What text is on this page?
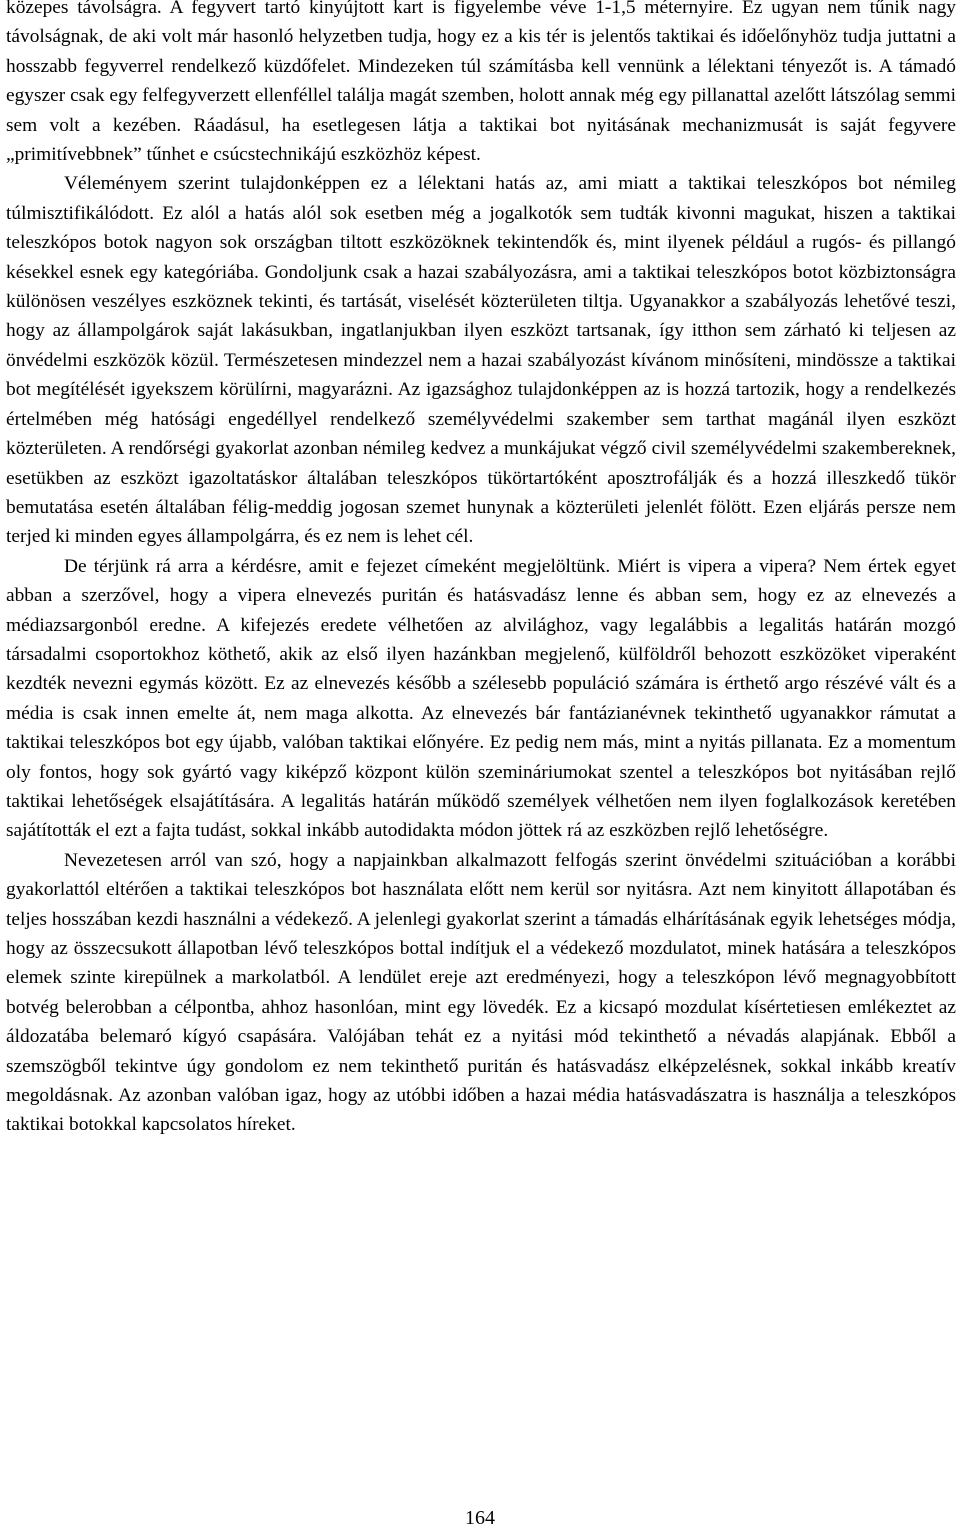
közepes távolságra. A fegyvert tartó kinyújtott kart is figyelembe véve 1-1,5 méternyire. Ez ugyan nem tűnik nagy távolságnak, de aki volt már hasonló helyzetben tudja, hogy ez a kis tér is jelentős taktikai és időelőnyhöz tudja juttatni a hosszabb fegyverrel rendelkező küzdőfelet. Mindezeken túl számításba kell vennünk a lélektani tényezőt is. A támadó egyszer csak egy felfegyverzett ellenféllel találja magát szemben, holott annak még egy pillanattal azelőtt látszólag semmi sem volt a kezében. Ráadásul, ha esetlegesen látja a taktikai bot nyitásának mechanizmusát is saját fegyvere „primitívebbnek” tűnhet e csúcstechnikájú eszközhöz képest.

Véleményem szerint tulajdonképpen ez a lélektani hatás az, ami miatt a taktikai teleszkópos bot némileg túlmisztifikálódott. Ez alól a hatás alól sok esetben még a jogalkotók sem tudták kivonni magukat, hiszen a taktikai teleszkópos botok nagyon sok országban tiltott eszközöknek tekintendők és, mint ilyenek például a rugós- és pillangó késekkel esnek egy kategóriába. Gondoljunk csak a hazai szabályozásra, ami a taktikai teleszkópos botot közbiztonságra különösen veszélyes eszköznek tekinti, és tartását, viselését közterületen tiltja. Ugyanakkor a szabályozás lehetővé teszi, hogy az állampolgárok saját lakásukban, ingatlanjukban ilyen eszközt tartsanak, így itthon sem zárható ki teljesen az önvédelmi eszközök közül. Természetesen mindezzel nem a hazai szabályozást kívánom minősíteni, mindössze a taktikai bot megítélését igyekszem körülírni, magyarázni. Az igazsághoz tulajdonképpen az is hozzá tartozik, hogy a rendelkezés értelmében még hatósági engedéllyel rendelkező személyvédelmi szakember sem tarthat magánál ilyen eszközt közterületen. A rendőrségi gyakorlat azonban némileg kedvez a munkájukat végző civil személyvédelmi szakembereknek, esetükben az eszközt igazoltatáskor általában teleszkópos tükörtartóként aposztrofálják és a hozzá illeszkedő tükör bemutatása esetén általában félig-meddig jogosan szemet hunynak a közterületi jelenlét fölött. Ezen eljárás persze nem terjed ki minden egyes állampolgárra, és ez nem is lehet cél.

De térjünk rá arra a kérdésre, amit e fejezet címeként megjelöltünk. Miért is vipera a vipera? Nem értek egyet abban a szerzővel, hogy a vipera elnevezés puritán és hatásvadász lenne és abban sem, hogy ez az elnevezés a médiazsargonból eredne. A kifejezés eredete vélhetően az alvilághoz, vagy legalábbis a legalitás határán mozgó társadalmi csoportokhoz köthető, akik az első ilyen hazánkban megjelenő, külföldről behozott eszközöket viperaként kezdték nevezni egymás között. Ez az elnevezés később a szélesebb populáció számára is érthető argo részévé vált és a média is csak innen emelte át, nem maga alkotta. Az elnevezés bár fantázianévnek tekinthető ugyanakkor rámutat a taktikai teleszkópos bot egy újabb, valóban taktikai előnyére. Ez pedig nem más, mint a nyitás pillanata. Ez a momentum oly fontos, hogy sok gyártó vagy kiképző központ külön szemináriumokat szentel a teleszkópos bot nyitásában rejlő taktikai lehetőségek elsajátítására. A legalitás határán működő személyek vélhetően nem ilyen foglalkozások keretében sajátították el ezt a fajta tudást, sokkal inkább autodidakta módon jöttek rá az eszközben rejlő lehetőségre.

Nevezetesen arról van szó, hogy a napjainkban alkalmazott felfogás szerint önvédelmi szituációban a korábbi gyakorlattól eltérően a taktikai teleszkópos bot használata előtt nem kerül sor nyitásra. Azt nem kinyitott állapotában és teljes hosszában kezdi használni a védekező. A jelenlegi gyakorlat szerint a támadás elhárításának egyik lehetséges módja, hogy az összecsukott állapotban lévő teleszkópos bottal indítjuk el a védekező mozdulatot, minek hatására a teleszkópos elemek szinte kirepülnek a markolatból. A lendület ereje azt eredményezi, hogy a teleszkópon lévő megnagyobbított botvég belerobban a célpontba, ahhoz hasonlóan, mint egy lövedék. Ez a kicsapó mozdulat kísértetiesen emlékeztet az áldozatába belemaró kígyó csapására. Valójában tehát ez a nyitási mód tekinthető a névadás alapjának. Ebből a szemszögből tekintve úgy gondolom ez nem tekinthető puritán és hatásvadász elképzelésnek, sokkal inkább kreatív megoldásnak. Az azonban valóban igaz, hogy az utóbbi időben a hazai média hatásvadászatra is használja a teleszkópos taktikai botokkal kapcsolatos híreket.

164
